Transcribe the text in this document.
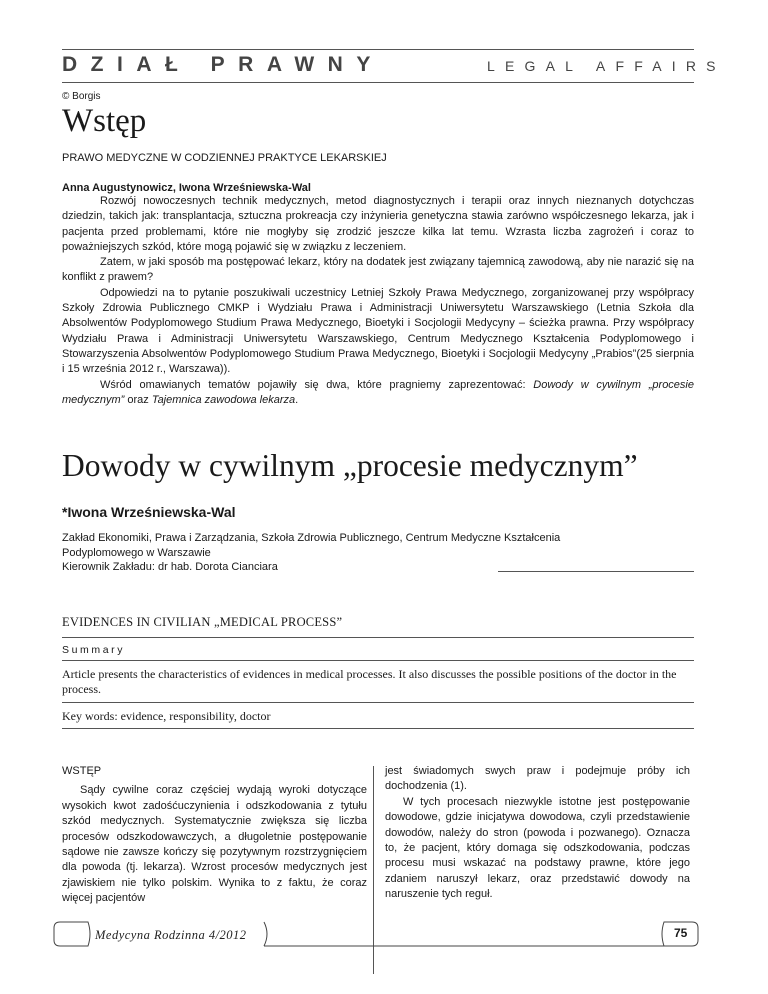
DZIAŁ PRAWNY	LEGAL AFFAIRS
© Borgis
Wstęp
PRAWO MEDYCZNE W CODZIENNEJ PRAKTYCE LEKARSKIEJ
Anna Augustynowicz, Iwona Wrześniewska-Wal

Rozwój nowoczesnych technik medycznych, metod diagnostycznych i terapii oraz innych nieznanych dotychczas dziedzin, takich jak: transplantacja, sztuczna prokreacja czy inżynieria genetyczna stawia zarówno współczesnego lekarza, jak i pacjenta przed problemami, które nie mogłyby się zrodzić jeszcze kilka lat temu. Wzrasta liczba zagrożeń i coraz to poważniejszych szkód, które mogą pojawić się w związku z leczeniem.

Zatem, w jaki sposób ma postępować lekarz, który na dodatek jest związany tajemnicą zawodową, aby nie narazić się na konflikt z prawem?

Odpowiedzi na to pytanie poszukiwali uczestnicy Letniej Szkoły Prawa Medycznego, zorganizowanej przy współpracy Szkoły Zdrowia Publicznego CMKP i Wydziału Prawa i Administracji Uniwersytetu Warszawskiego (Letnia Szkoła dla Absolwentów Podyplomowego Studium Prawa Medycznego, Bioetyki i Socjologii Medycyny – ścieżka prawna. Przy współpracy Wydziału Prawa i Administracji Uniwersytetu Warszawskiego, Centrum Medycznego Kształcenia Podyplomowego i Stowarzyszenia Absolwentów Podyplomowego Studium Prawa Medycznego, Bioetyki i Socjologii Medycyny „Prabios”(25 sierpnia i 15 września 2012 r., Warszawa)).

Wśród omawianych tematów pojawiły się dwa, które pragniemy zaprezentować: Dowody w cywilnym „procesie medycznym” oraz Tajemnica zawodowa lekarza.

Dowody w cywilnym „procesie medycznym”
*Iwona Wrześniewska-Wal
Zakład Ekonomiki, Prawa i Zarządzania, Szkoła Zdrowia Publicznego, Centrum Medyczne Kształcenia
Podyplomowego w Warszawie
Kierownik Zakładu: dr hab. Dorota Cianciara
EVIDENCES IN CIVILIAN „MEDICAL PROCESS”
Summary
Article presents the characteristics of evidences in medical processes. It also discusses the possible positions of the doctor in the process.
Key words: evidence, responsibility, doctor
WSTĘP

Sądy cywilne coraz częściej wydają wyroki dotyczące wysokich kwot zadośćuczynienia i odszkodowania z tytułu szkód medycznych. Systematycznie zwiększa się liczba procesów odszkodowawczych, a długoletnie postępowanie sądowe nie zawsze kończy się pozytywnym rozstrzygnięciem dla powoda (tj. lekarza). Wzrost procesów medycznych jest zjawiskiem nie tylko polskim. Wynika to z faktu, że coraz więcej pacjentów

jest świadomych swych praw i podejmuje próby ich dochodzenia (1).

W tych procesach niezwykle istotne jest postępowanie dowodowe, gdzie inicjatywa dowodowa, czyli przedstawienie dowodów, należy do stron (powoda i pozwanego). Oznacza to, że pacjent, który domaga się odszkodowania, podczas procesu musi wskazać na podstawy prawne, które jego zdaniem naruszył lekarz, oraz przedstawić dowody na naruszenie tych reguł.

Medycyna Rodzinna 4/2012	75
